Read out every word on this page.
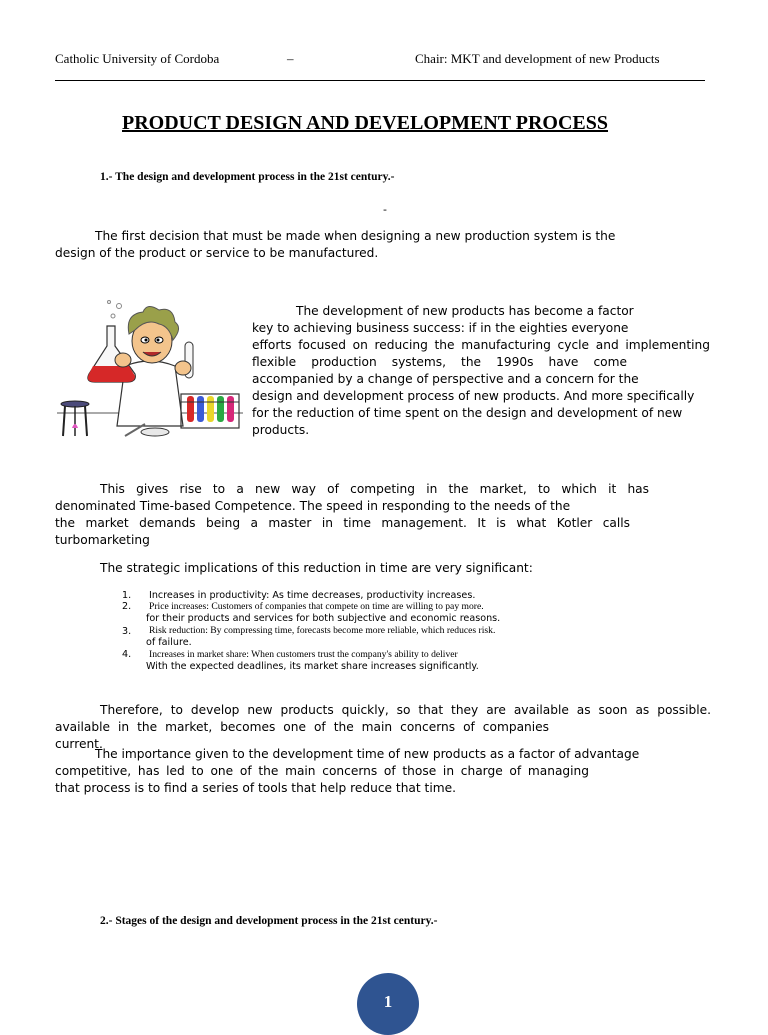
Catholic University of Cordoba	–	Chair: MKT and development of new Products
PRODUCT DESIGN AND DEVELOPMENT PROCESS
1.- The design and development process in the 21st century.-
-
The first decision that must be made when designing a new production system is the
design of the product or service to be manufactured.
The development of new products has become a factor
key to achieving business success: if in the eighties everyone
efforts focused on reducing the manufacturing cycle and implementing
flexible production systems, the 1990s have come
accompanied by a change of perspective and a concern for the
design and development process of new products. And more specifically
for the reduction of time spent on the design and development of new
products.
This gives rise to a new way of competing in the market, to which it has
denominated Time-based Competence. The speed in responding to the needs of the
the market demands being a master in time management. It is what Kotler calls
turbomarketing
The strategic implications of this reduction in time are very significant:
1.	Increases in productivity: As time decreases, productivity increases.
2.	Price increases: Customers of companies that compete on time are willing to pay more.
for their products and services for both subjective and economic reasons.
3.	Risk reduction: By compressing time, forecasts become more reliable, which reduces risk.
of failure.
4.	Increases in market share: When customers trust the company's ability to deliver
With the expected deadlines, its market share increases significantly.
Therefore, to develop new products quickly, so that they are available as soon as possible.
available in the market, becomes one of the main concerns of companies
current.
The importance given to the development time of new products as a factor of advantage
competitive, has led to one of the main concerns of those in charge of managing
that process is to find a series of tools that help reduce that time.
2.- Stages of the design and development process in the 21st century.-
1
